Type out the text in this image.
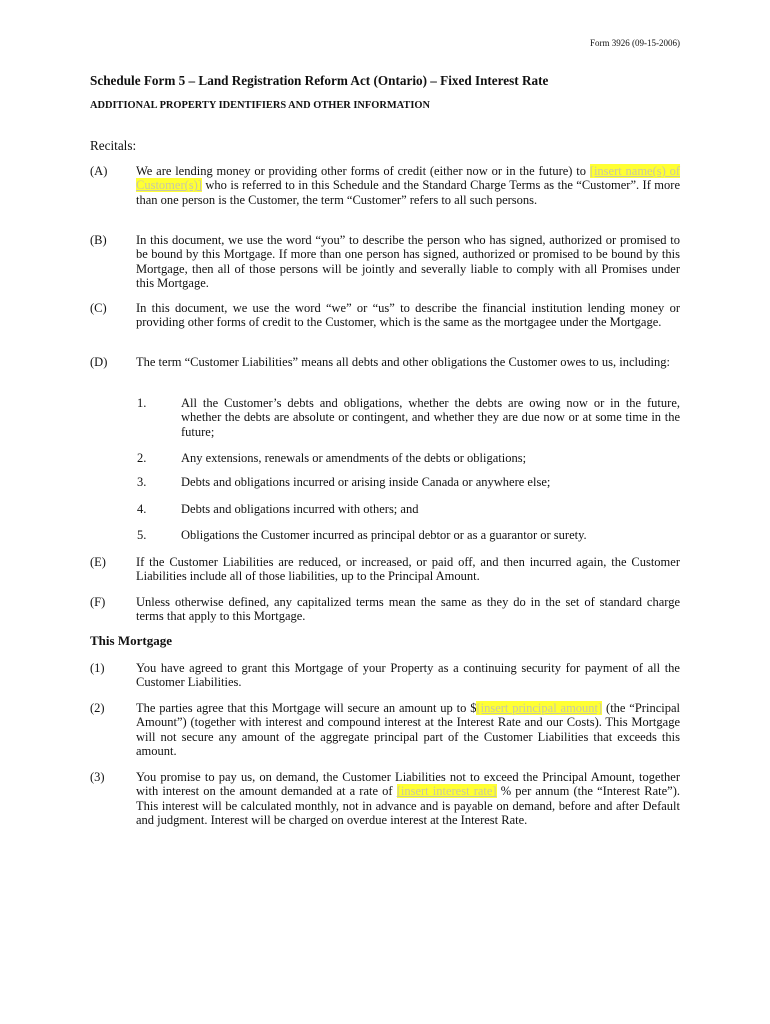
Form 3926 (09-15-2006)
Schedule Form 5 – Land Registration Reform Act (Ontario) – Fixed Interest Rate
ADDITIONAL PROPERTY IDENTIFIERS AND OTHER INFORMATION
Recitals:
(A) We are lending money or providing other forms of credit (either now or in the future) to [insert name(s) of Customer(s)] who is referred to in this Schedule and the Standard Charge Terms as the “Customer”. If more than one person is the Customer, the term “Customer” refers to all such persons.
(B) In this document, we use the word “you” to describe the person who has signed, authorized or promised to be bound by this Mortgage. If more than one person has signed, authorized or promised to be bound by this Mortgage, then all of those persons will be jointly and severally liable to comply with all Promises under this Mortgage.
(C) In this document, we use the word “we” or “us” to describe the financial institution lending money or providing other forms of credit to the Customer, which is the same as the mortgagee under the Mortgage.
(D) The term “Customer Liabilities” means all debts and other obligations the Customer owes to us, including:
1.	All the Customer’s debts and obligations, whether the debts are owing now or in the future, whether the debts are absolute or contingent, and whether they are due now or at some time in the future;
2.	Any extensions, renewals or amendments of the debts or obligations;
3.	Debts and obligations incurred or arising inside Canada or anywhere else;
4.	Debts and obligations incurred with others; and
5.	Obligations the Customer incurred as principal debtor or as a guarantor or surety.
(E) If the Customer Liabilities are reduced, or increased, or paid off, and then incurred again, the Customer Liabilities include all of those liabilities, up to the Principal Amount.
(F) Unless otherwise defined, any capitalized terms mean the same as they do in the set of standard charge terms that apply to this Mortgage.
This Mortgage
(1)	You have agreed to grant this Mortgage of your Property as a continuing security for payment of all the Customer Liabilities.
(2)	The parties agree that this Mortgage will secure an amount up to $[insert principal amount] (the “Principal Amount”) (together with interest and compound interest at the Interest Rate and our Costs). This Mortgage will not secure any amount of the aggregate principal part of the Customer Liabilities that exceeds this amount.
(3)	You promise to pay us, on demand, the Customer Liabilities not to exceed the Principal Amount, together with interest on the amount demanded at a rate of [insert interest rate] % per annum (the “Interest Rate”). This interest will be calculated monthly, not in advance and is payable on demand, before and after Default and judgment. Interest will be charged on overdue interest at the Interest Rate.
